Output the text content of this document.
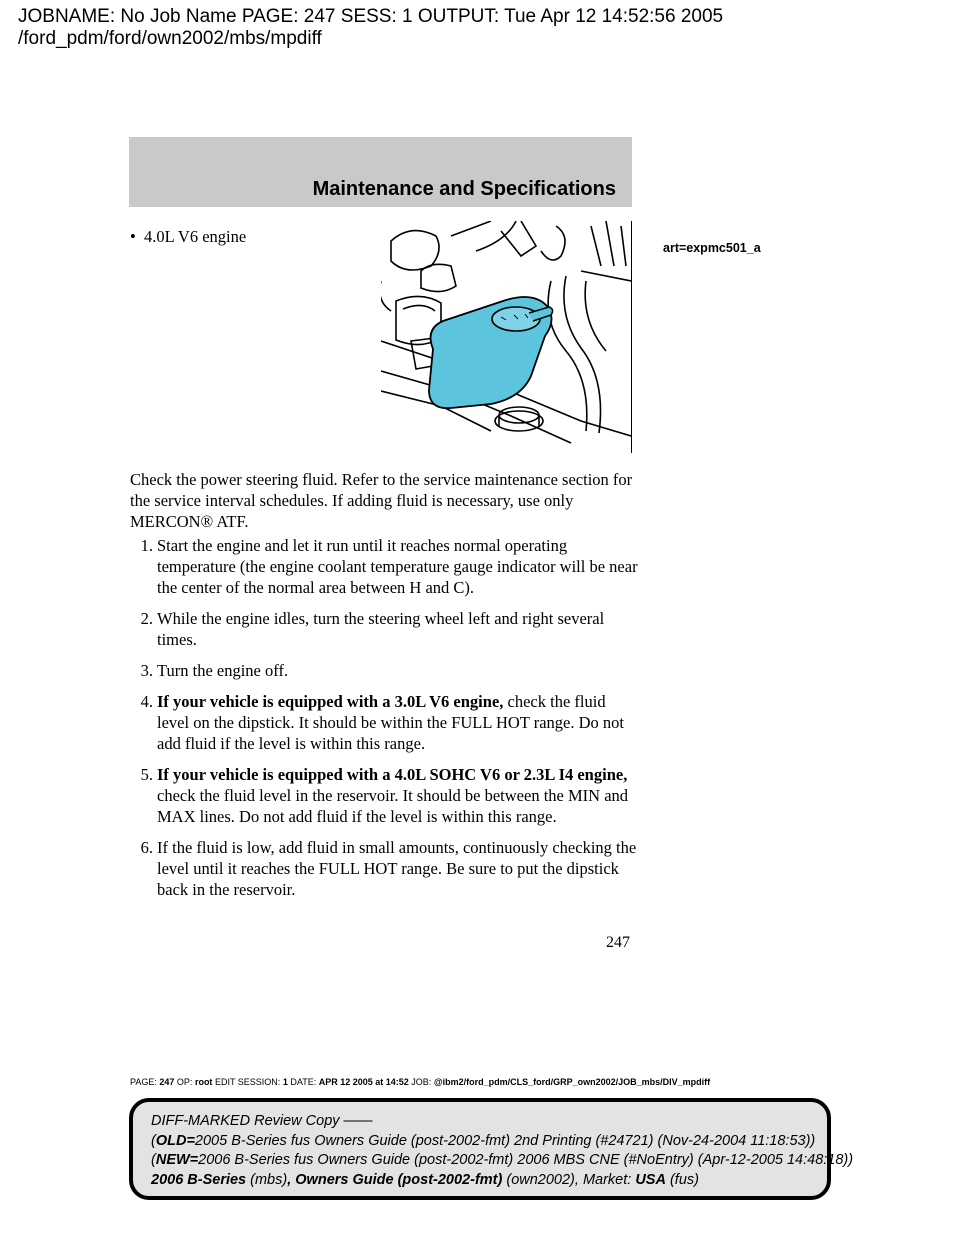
JOBNAME: No Job Name PAGE: 247 SESS: 1 OUTPUT: Tue Apr 12 14:52:56 2005
/ford_pdm/ford/own2002/mbs/mpdiff
Maintenance and Specifications
• 4.0L V6 engine
art=expmc501_a

Check the power steering fluid. Refer to the service maintenance section for the service interval schedules. If adding fluid is necessary, use only MERCON® ATF.

1. Start the engine and let it run until it reaches normal operating temperature (the engine coolant temperature gauge indicator will be near the center of the normal area between H and C).
2. While the engine idles, turn the steering wheel left and right several times.
3. Turn the engine off.
4. If your vehicle is equipped with a 3.0L V6 engine, check the fluid level on the dipstick. It should be within the FULL HOT range. Do not add fluid if the level is within this range.
5. If your vehicle is equipped with a 4.0L SOHC V6 or 2.3L I4 engine, check the fluid level in the reservoir. It should be between the MIN and MAX lines. Do not add fluid if the level is within this range.
6. If the fluid is low, add fluid in small amounts, continuously checking the level until it reaches the FULL HOT range. Be sure to put the dipstick back in the reservoir.
247
PAGE: 247 OP: root EDIT SESSION: 1 DATE: APR 12 2005 at 14:52 JOB: @ibm2/ford_pdm/CLS_ford/GRP_own2002/JOB_mbs/DIV_mpdiff
DIFF-MARKED Review Copy ——
(OLD=2005 B-Series fus Owners Guide (post-2002-fmt) 2nd Printing (#24721) (Nov-24-2004 11:18:53))
(NEW=2006 B-Series fus Owners Guide (post-2002-fmt) 2006 MBS CNE (#NoEntry) (Apr-12-2005 14:48:18))
2006 B-Series (mbs), Owners Guide (post-2002-fmt) (own2002), Market: USA (fus)
